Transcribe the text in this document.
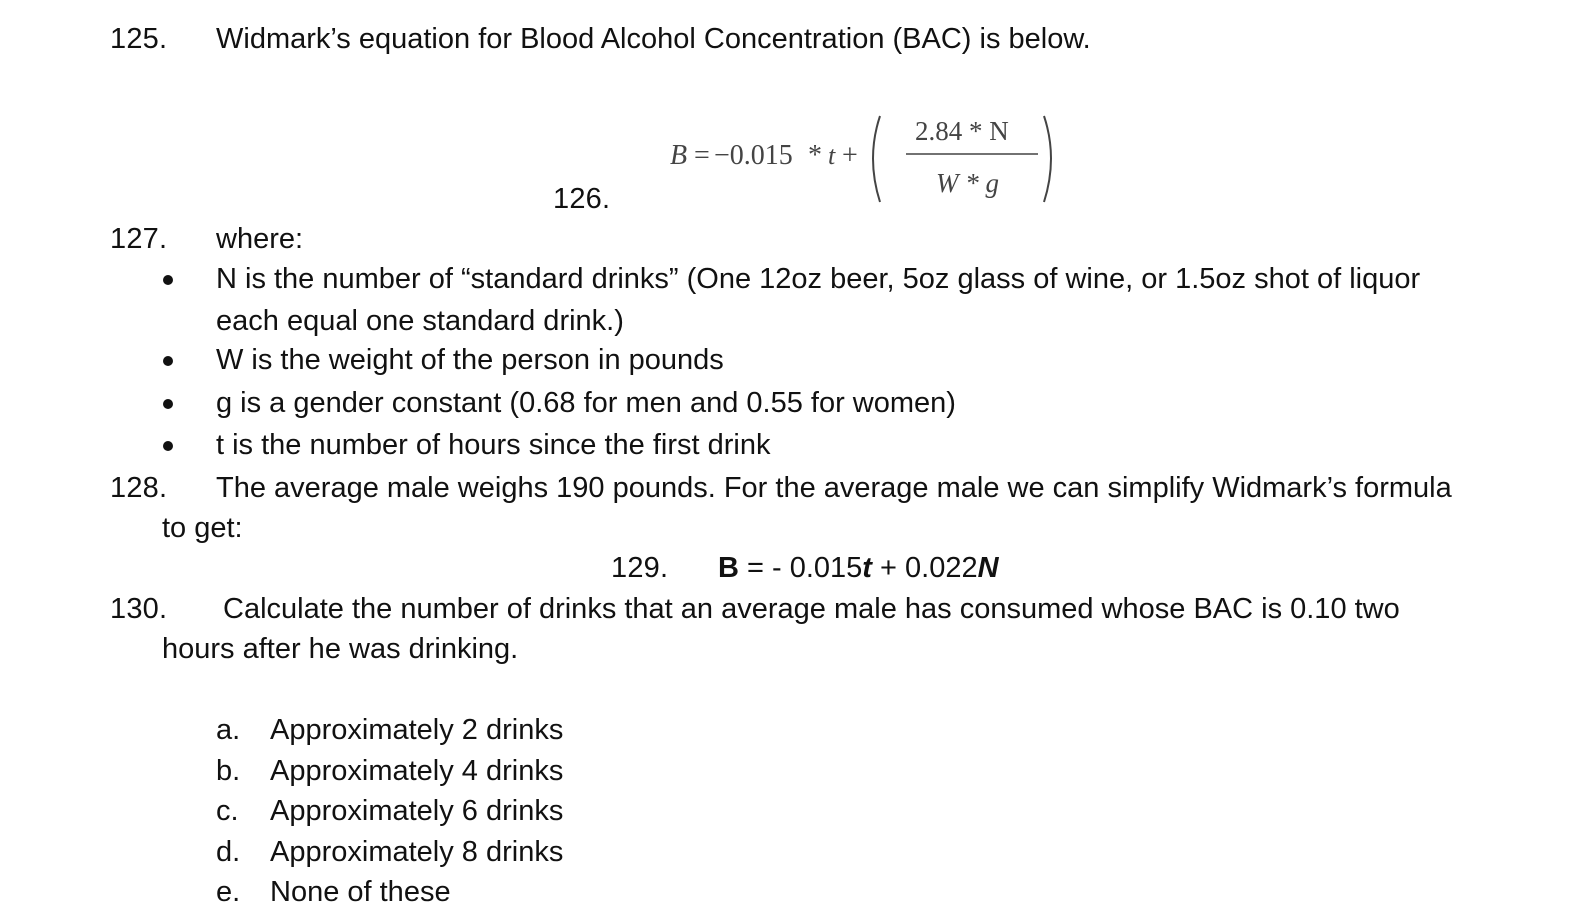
125. Widmark’s equation for Blood Alcohol Concentration (BAC) is below.
126.
B = −0.015 * t +
2.84 * N
W * g
127. where:
N is the number of “standard drinks” (One 12oz beer, 5oz glass of wine, or 1.5oz shot of liquor
each equal one standard drink.)
W is the weight of the person in pounds
g is a gender constant (0.68 for men and 0.55 for women)
t is the number of hours since the first drink
128. The average male weighs 190 pounds. For the average male we can simplify Widmark’s formula
to get:
129. B = - 0.015t + 0.022N
130. Calculate the number of drinks that an average male has consumed whose BAC is 0.10 two
hours after he was drinking.
a. Approximately 2 drinks
b. Approximately 4 drinks
c. Approximately 6 drinks
d. Approximately 8 drinks
e. None of these
